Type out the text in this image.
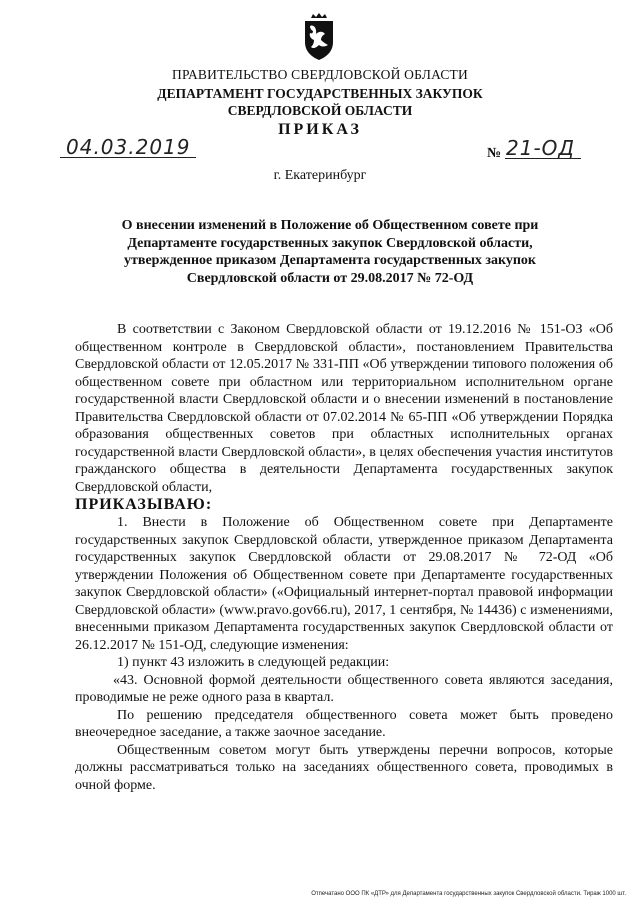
ПРАВИТЕЛЬСТВО СВЕРДЛОВСКОЙ ОБЛАСТИ
ДЕПАРТАМЕНТ ГОСУДАРСТВЕННЫХ ЗАКУПОК
СВЕРДЛОВСКОЙ ОБЛАСТИ
ПРИКАЗ
04.03.2019	№ 21-ОД
г. Екатеринбург
О внесении изменений в Положение об Общественном совете при Департаменте государственных закупок Свердловской области, утвержденное приказом Департамента государственных закупок Свердловской области от 29.08.2017 № 72-ОД

В соответствии с Законом Свердловской области от 19.12.2016 № 151-ОЗ «Об общественном контроле в Свердловской области», постановлением Правительства Свердловской области от 12.05.2017 № 331-ПП «Об утверждении типового положения об общественном совете при областном или территориальном исполнительном органе государственной власти Свердловской области и о внесении изменений в постановление Правительства Свердловской области от 07.02.2014 № 65-ПП «Об утверждении Порядка образования общественных советов при областных исполнительных органах государственной власти Свердловской области», в целях обеспечения участия институтов гражданского общества в деятельности Департамента государственных закупок Свердловской области,

ПРИКАЗЫВАЮ:

1. Внести в Положение об Общественном совете при Департаменте государственных закупок Свердловской области, утвержденное приказом Департамента государственных закупок Свердловской области от 29.08.2017 № 72-ОД «Об утверждении Положения об Общественном совете при Департаменте государственных закупок Свердловской области» («Официальный интернет-портал правовой информации Свердловской области» (www.pravo.gov66.ru), 2017, 1 сентября, № 14436) с изменениями, внесенными приказом Департамента государственных закупок Свердловской области от 26.12.2017 № 151-ОД, следующие изменения:

1) пункт 43 изложить в следующей редакции:

«43. Основной формой деятельности общественного совета являются заседания, проводимые не реже одного раза в квартал.

По решению председателя общественного совета может быть проведено внеочередное заседание, а также заочное заседание.

Общественным советом могут быть утверждены перечни вопросов, которые должны рассматриваться только на заседаниях общественного совета, проводимых в очной форме.

Отпечатано ООО ПК «ДТР» для Департамента государственных закупок Свердловской области. Тираж 1000 шт.
